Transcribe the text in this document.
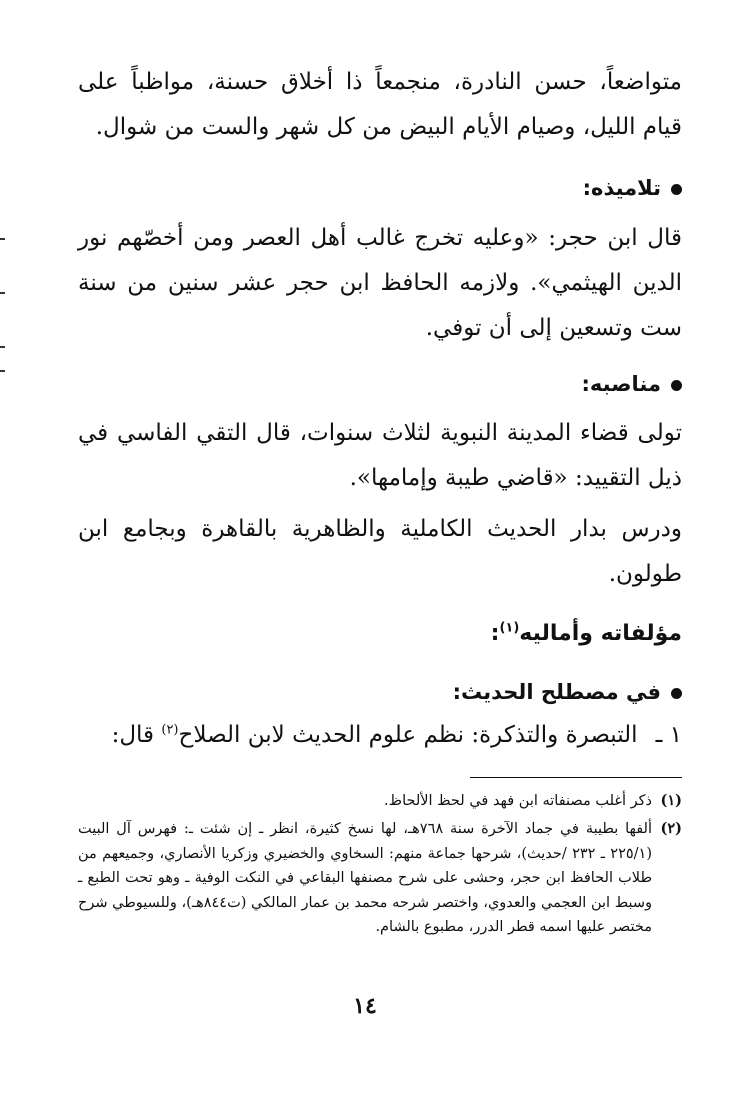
متواضعاً، حسن النادرة، منجمعاً ذا أخلاق حسنة، مواظباً على قيام الليل، وصيام الأيام البيض من كل شهر والست من شوال.

تلاميذه:

قال ابن حجر: «وعليه تخرج غالب أهل العصر ومن أخصّهم نور الدين الهيثمي». ولازمه الحافظ ابن حجر عشر سنين من سنة ست وتسعين إلى أن توفي.

مناصبه:

تولى قضاء المدينة النبوية لثلاث سنوات، قال التقي الفاسي في ذيل التقييد: «قاضي طيبة وإمامها».

ودرس بدار الحديث الكاملية والظاهرية بالقاهرة وبجامع ابن طولون.

مؤلفاته وأماليه$^{(١)}$:
في مصطلح الحديث:
١ ـالتبصرة والتذكرة: نظم علوم الحديث لابن الصلاح$^{(٢)}$ قال:
(١)
ذكر أغلب مصنفاته ابن فهد في لحظ الألحاظ.
(٢)
ألفها بطيبة في جماد الآخرة سنة ٧٦٨هـ، لها نسخ كثيرة، انظر ـ إن شئت ـ: فهرس آل البيت (٢٢٥/١ ـ ٢٣٢ /حديث)، شرحها جماعة منهم: السخاوي والخضيري وزكريا الأنصاري، وجميعهم من طلاب الحافظ ابن حجر، وحشى على شرح مصنفها البقاعي في النكت الوفية ـ وهو تحت الطبع ـ وسبط ابن العجمي والعدوي، واختصر شرحه محمد بن عمار المالكي (ت٨٤٤هـ)، وللسيوطي شرح مختصر عليها اسمه قطر الدرر، مطبوع بالشام.
١٤
